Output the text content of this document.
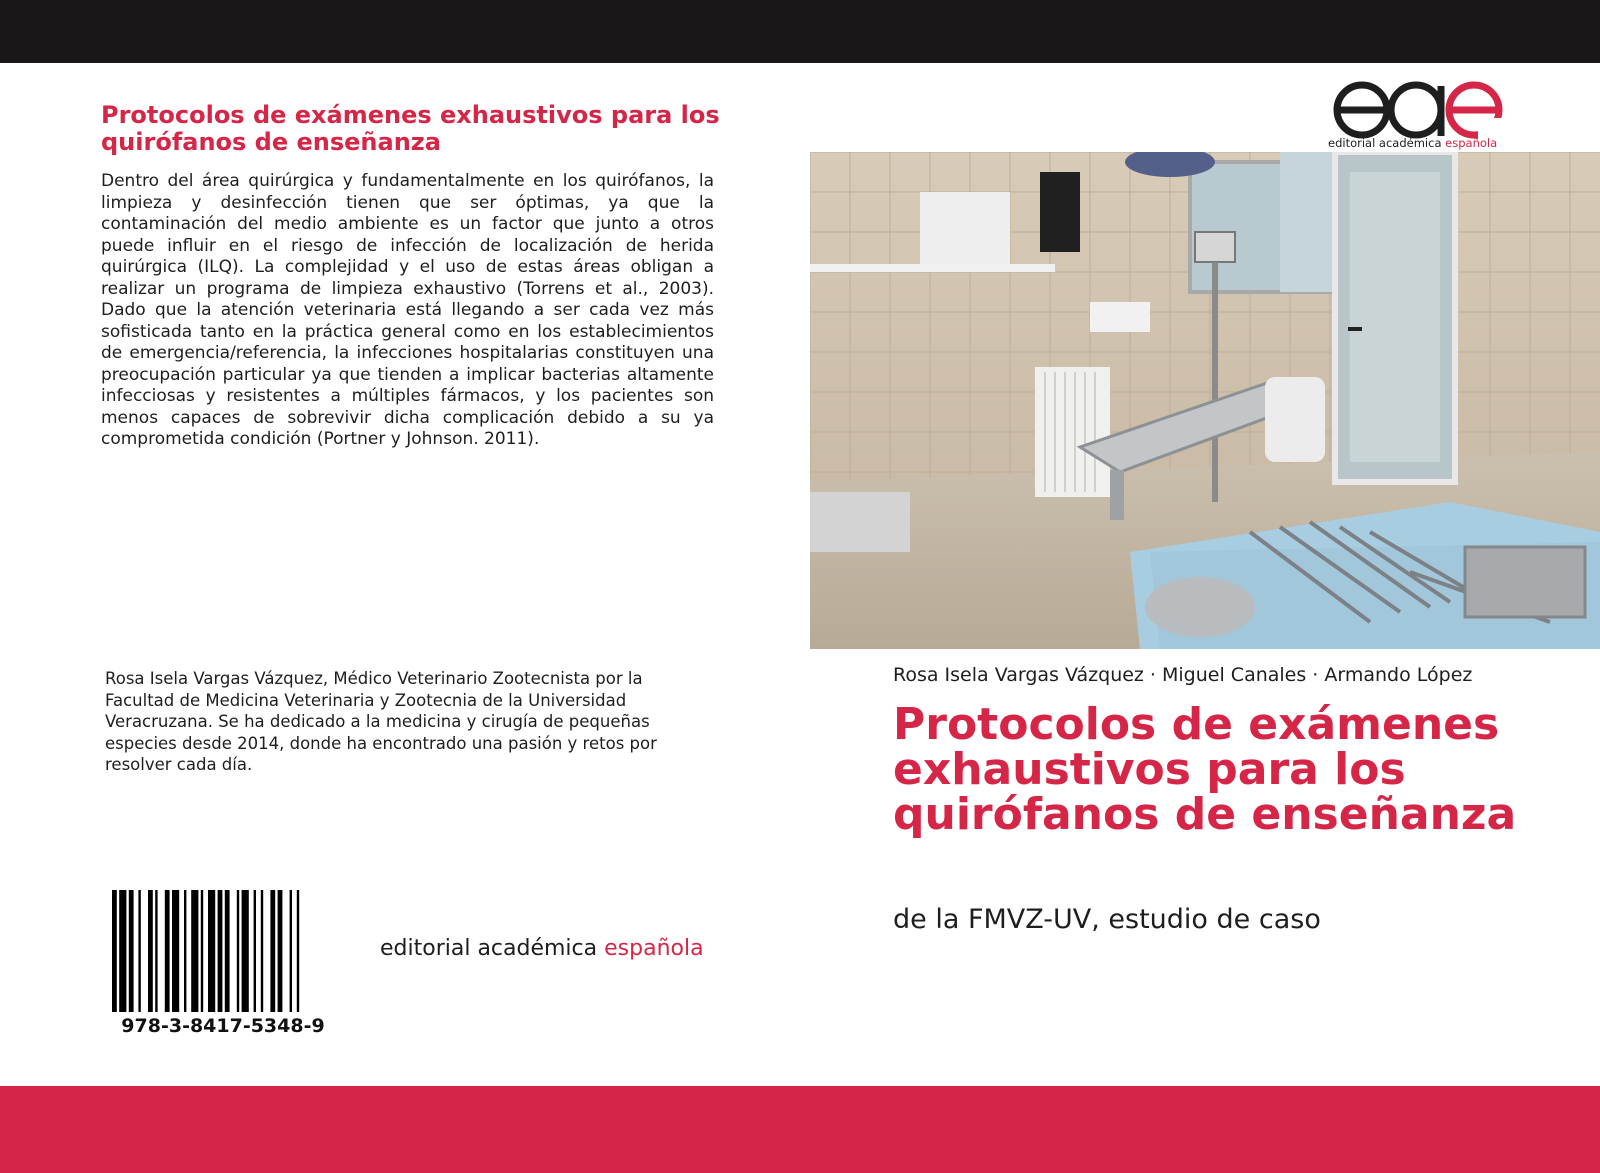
Protocolos de exámenes exhaustivos para los quirófanos de enseñanza

Dentro del área quirúrgica y fundamentalmente en los quirófanos, la limpieza y desinfección tienen que ser óptimas, ya que la contaminación del medio ambiente es un factor que junto a otros puede influir en el riesgo de infección de localización de herida quirúrgica (ILQ). La complejidad y el uso de estas áreas obligan a realizar un programa de limpieza exhaustivo (Torrens et al., 2003). Dado que la atención veterinaria está llegando a ser cada vez más sofisticada tanto en la práctica general como en los establecimientos de emergencia/referencia, la infecciones hospitalarias constituyen una preocupación particular ya que tienden a implicar bacterias altamente infecciosas y resistentes a múltiples fármacos, y los pacientes son menos capaces de sobrevivir dicha complicación debido a su ya comprometida condición (Portner y Johnson. 2011).

Rosa Isela Vargas Vázquez, Médico Veterinario Zootecnista por la Facultad de Medicina Veterinaria y Zootecnia de la Universidad Veracruzana. Se ha dedicado a la medicina y cirugía de pequeñas especies desde 2014, donde ha encontrado una pasión y retos por resolver cada día.

978-3-8417-5348-9
editorial académica española
editorial académica española
Rosa Isela Vargas Vázquez · Miguel Canales · Armando López
Protocolos de exámenes exhaustivos para los quirófanos de enseñanza
de la FMVZ-UV, estudio de caso
